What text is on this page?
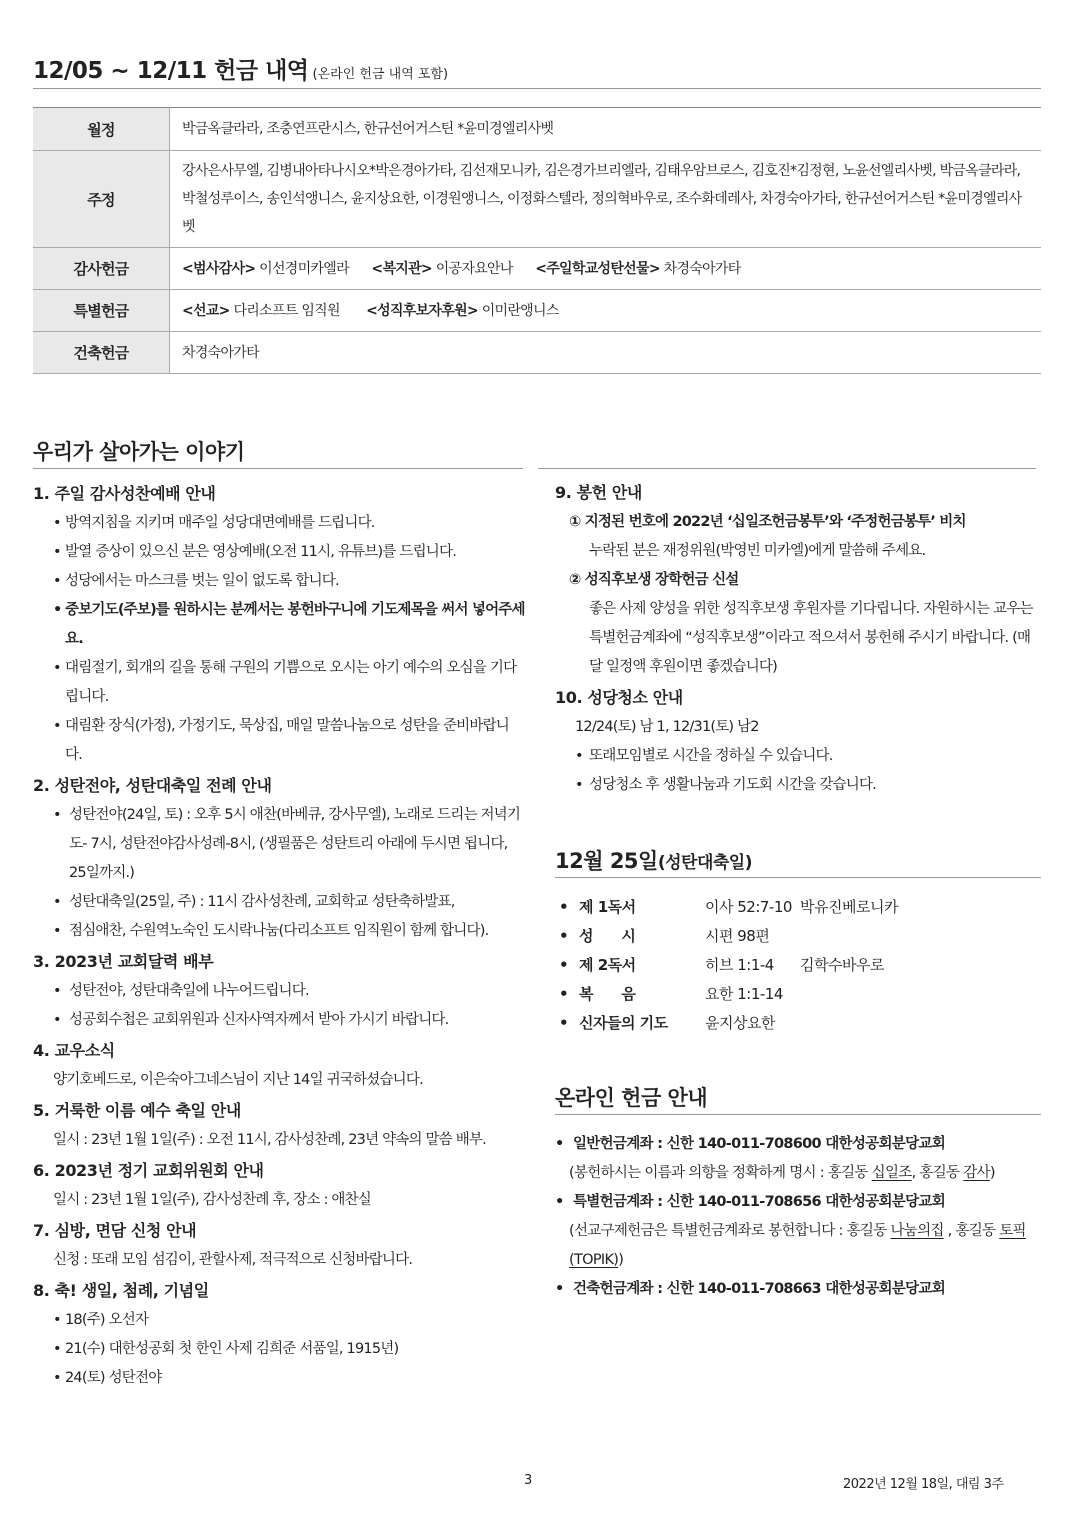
12/05 ~ 12/11 헌금 내역 (온라인 헌금 내역 포함)
월정	박금옥클라라, 조충연프란시스, 한규선어거스틴 *윤미경엘리사벳
주정	강사은사무엘, 김병내아타나시오*박은경아가타, 김선재모니카, 김은경가브리엘라, 김태우암브로스, 김호진*김정현, 노윤선엘리사벳, 박금옥클라라, 박철성루이스, 송인석앵니스, 윤지상요한, 이경원앵니스, 이정화스텔라, 정의혁바우로, 조수화데레사, 차경숙아가타, 한규선어거스틴 *윤미경엘리사벳
감사헌금	<범사감사> 이선경미카엘라 <복지관> 이공자요안나 <주일학교성탄선물> 차경숙아가타
특별헌금	<선교> 다리소프트 임직원 <성직후보자후원> 이미란앵니스
건축헌금	차경숙아가타
우리가 살아가는 이야기
1. 주일 감사성찬예배 안내
• 방역지침을 지키며 매주일 성당대면예배를 드립니다.
• 발열 증상이 있으신 분은 영상예배(오전 11시, 유튜브)를 드립니다.
• 성당에서는 마스크를 벗는 일이 없도록 합니다.
• 중보기도(주보)를 원하시는 분께서는 봉헌바구니에 기도제목을 써서 넣어주세요.
• 대림절기, 회개의 길을 통해 구원의 기쁨으로 오시는 아기 예수의 오심을 기다립니다.
• 대림환 장식(가정), 가정기도, 묵상집, 매일 말씀나눔으로 성탄을 준비바랍니다.
2. 성탄전야, 성탄대축일 전례 안내
• 성탄전야(24일, 토) : 오후 5시 애찬(바베큐, 강사무엘), 노래로 드리는 저녁기도- 7시, 성탄전야감사성례-8시, (생필품은 성탄트리 아래에 두시면 됩니다, 25일까지.)
• 성탄대축일(25일, 주) : 11시 감사성찬례, 교회학교 성탄축하발표,
• 점심애찬, 수원역노숙인 도시락나눔(다리소프트 임직원이 함께 합니다).
3. 2023년 교회달력 배부
• 성탄전야, 성탄대축일에 나누어드립니다.
• 성공회수첩은 교회위원과 신자사역자께서 받아 가시기 바랍니다.
4. 교우소식
양기호베드로, 이은숙아그네스님이 지난 14일 귀국하셨습니다.
5. 거룩한 이름 예수 축일 안내
일시 : 23년 1월 1일(주) : 오전 11시, 감사성찬례, 23년 약속의 말씀 배부.
6. 2023년 정기 교회위원회 안내
일시 : 23년 1월 1일(주), 감사성찬례 후, 장소 : 애찬실
7. 심방, 면담 신청 안내
신청 : 또래 모임 섬김이, 관할사제, 적극적으로 신청바랍니다.
8. 축! 생일, 첨례, 기념일
• 18(주) 오선자
• 21(수) 대한성공회 첫 한인 사제 김희준 서품일, 1915년)
• 24(토) 성탄전야
9. 봉헌 안내
① 지정된 번호에 2022년 ‘십일조헌금봉투’와 ‘주정헌금봉투’ 비치
누락된 분은 재정위원(박영빈 미카엘)에게 말씀해 주세요.
② 성직후보생 장학헌금 신설
좋은 사제 양성을 위한 성직후보생 후원자를 기다립니다. 자원하시는 교우는 특별헌금계좌에 “성직후보생”이라고 적으셔서 봉헌해 주시기 바랍니다. (매달 일정액 후원이면 좋겠습니다)
10. 성당청소 안내
12/24(토) 남 1, 12/31(토) 남2
• 또래모임별로 시간을 정하실 수 있습니다.
• 성당청소 후 생활나눔과 기도회 시간을 갖습니다.
12월 25일(성탄대축일)
• 제 1독서	이사 52:7-10 박유진베로니카
• 성      시	시편 98편
• 제 2독서	히브 1:1-4	김학수바우로
• 복      음	요한 1:1-14
• 신자들의 기도	윤지상요한
온라인 헌금 안내
• 일반헌금계좌 : 신한 140-011-708600 대한성공회분당교회
(봉헌하시는 이름과 의향을 정확하게 명시 : 홍길동 십일조, 홍길동 감사)
• 특별헌금계좌 : 신한 140-011-708656 대한성공회분당교회
(선교구제헌금은 특별헌금계좌로 봉헌합니다 : 홍길동 나눔의집 , 홍길동 토픽(TOPIK))
• 건축헌금계좌 : 신한 140-011-708663 대한성공회분당교회
3	2022년 12월 18일, 대림 3주
